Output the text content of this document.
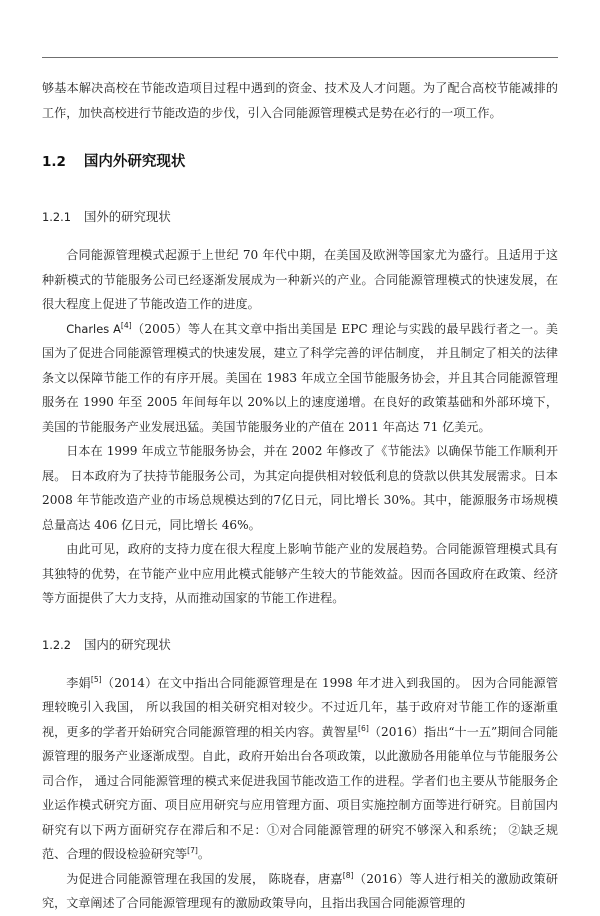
够基本解决高校在节能改造项目过程中遇到的资金、技术及人才问题。为了配合高校节能减排的工作，加快高校进行节能改造的步伐，引入合同能源管理模式是势在必行的一项工作。

1.2 国内外研究现状
1.2.1 国外的研究现状

合同能源管理模式起源于上世纪 70 年代中期，在美国及欧洲等国家尤为盛行。且适用于这种新模式的节能服务公司已经逐渐发展成为一种新兴的产业。合同能源管理模式的快速发展，在很大程度上促进了节能改造工作的进度。

Charles A[4]（2005）等人在其文章中指出美国是 EPC 理论与实践的最早践行者之一。美国为了促进合同能源管理模式的快速发展，建立了科学完善的评估制度， 并且制定了相关的法律条文以保障节能工作的有序开展。美国在 1983 年成立全国节能服务协会，并且其合同能源管理服务在 1990 年至 2005 年间每年以 20%以上的速度递增。在良好的政策基础和外部环境下，美国的节能服务产业发展迅猛。美国节能服务业的产值在 2011 年高达 71 亿美元。

日本在 1999 年成立节能服务协会，并在 2002 年修改了《节能法》以确保节能工作顺利开展。 日本政府为了扶持节能服务公司，为其定向提供相对较低利息的贷款以供其发展需求。日本 2008 年节能改造产业的市场总规模达到的7亿日元，同比增长 30%。其中，能源服务市场规模总量高达 406 亿日元，同比增长 46%。

由此可见，政府的支持力度在很大程度上影响节能产业的发展趋势。合同能源管理模式具有其独特的优势，在节能产业中应用此模式能够产生较大的节能效益。因而各国政府在政策、经济等方面提供了大力支持，从而推动国家的节能工作进程。

1.2.2 国内的研究现状

李娟[5]（2014）在文中指出合同能源管理是在 1998 年才进入到我国的。 因为合同能源管理较晚引入我国， 所以我国的相关研究相对较少。不过近几年，基于政府对节能工作的逐渐重视，更多的学者开始研究合同能源管理的相关内容。黄智星[6]（2016）指出“十一五”期间合同能源管理的服务产业逐渐成型。自此，政府开始出台各项政策，以此激励各用能单位与节能服务公司合作， 通过合同能源管理的模式来促进我国节能改造工作的进程。学者们也主要从节能服务企业运作模式研究方面、项目应用研究与应用管理方面、项目实施控制方面等进行研究。目前国内研究有以下两方面研究存在滞后和不足：①对合同能源管理的研究不够深入和系统； ②缺乏规范、合理的假设检验研究等[7]。

为促进合同能源管理在我国的发展， 陈晓春，唐嘉[8]（2016）等人进行相关的激励政策研究，文章阐述了合同能源管理现有的激励政策导向，且指出我国合同能源管理的
